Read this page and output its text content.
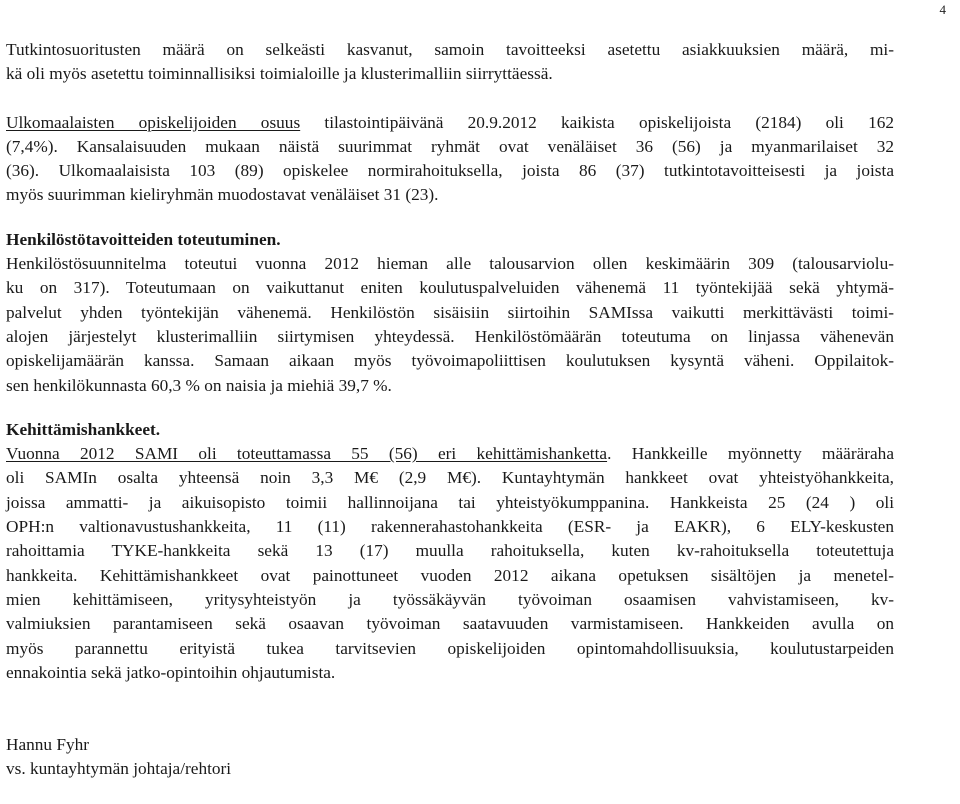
4

Tutkintosuoritusten määrä on selkeästi kasvanut, samoin tavoitteeksi asetettu asiakkuuksien määrä, mi-

kä oli myös asetettu toiminnallisiksi toimialoille ja klusterimalliin siirryttäessä.

Ulkomaalaisten opiskelijoiden osuus tilastointipäivänä 20.9.2012 kaikista opiskelijoista (2184) oli 162

(7,4%). Kansalaisuuden mukaan näistä suurimmat ryhmät ovat venäläiset 36 (56) ja myanmarilaiset 32

(36). Ulkomaalaisista 103 (89) opiskelee normirahoituksella, joista 86 (37) tutkintotavoitteisesti ja joista

myös suurimman kieliryhmän muodostavat venäläiset 31 (23).

Henkilöstötavoitteiden toteutuminen.

Henkilöstösuunnitelma toteutui vuonna 2012 hieman alle talousarvion ollen keskimäärin 309 (talousarviolu-

ku on 317). Toteutumaan on vaikuttanut eniten koulutuspalveluiden vähenemä 11 työntekijää sekä yhtymä-

palvelut yhden työntekijän vähenemä. Henkilöstön sisäisiin siirtoihin SAMIssa vaikutti merkittävästi toimi-

alojen järjestelyt klusterimalliin siirtymisen yhteydessä. Henkilöstömäärän toteutuma on linjassa vähenevän

opiskelijamäärän kanssa. Samaan aikaan myös työvoimapoliittisen koulutuksen kysyntä väheni. Oppilaitok-

sen henkilökunnasta 60,3 % on naisia ja miehiä 39,7 %.

Kehittämishankkeet.

Vuonna 2012 SAMI oli toteuttamassa 55 (56) eri kehittämishanketta. Hankkeille myönnetty määräraha

oli SAMIn osalta yhteensä noin 3,3 M€ (2,9 M€). Kuntayhtymän hankkeet ovat yhteistyöhankkeita,

joissa ammatti- ja aikuisopisto toimii hallinnoijana tai yhteistyökumppanina. Hankkeista 25 (24 ) oli

OPH:n valtionavustushankkeita, 11 (11) rakennerahastohankkeita (ESR- ja EAKR), 6 ELY-keskusten

rahoittamia TYKE-hankkeita sekä 13 (17) muulla rahoituksella, kuten kv-rahoituksella toteutettuja

hankkeita. Kehittämishankkeet ovat painottuneet vuoden 2012 aikana opetuksen sisältöjen ja menetel-

mien kehittämiseen, yritysyhteistyön ja työssäkäyvän työvoiman osaamisen vahvistamiseen, kv-

valmiuksien parantamiseen sekä osaavan työvoiman saatavuuden varmistamiseen. Hankkeiden avulla on

myös parannettu erityistä tukea tarvitsevien opiskelijoiden opintomahdollisuuksia, koulutustarpeiden

ennakointia sekä jatko-opintoihin ohjautumista.

Hannu Fyhr

vs. kuntayhtymän johtaja/rehtori
